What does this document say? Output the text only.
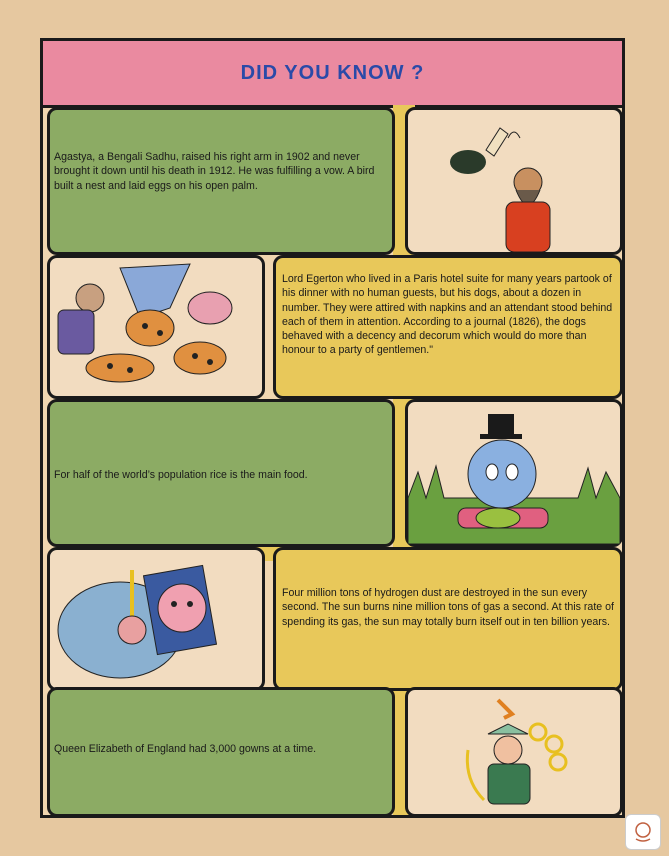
DID YOU KNOW ?
Agastya, a Bengali Sadhu, raised his right arm in 1902 and never brought it down until his death in 1912. He was fulfilling a vow. A bird built a nest and laid eggs on his open palm.
Lord Egerton who lived in a Paris hotel suite for many years partook of his dinner with no human guests, but his dogs, about a dozen in number. They were attired with napkins and an attendant stood behind each of them in attention. According to a journal (1826), the dogs behaved with a decency and decorum which would do more than honour to a party of gentlemen."
For half of the world’s population rice is the main food.
Four million tons of hydrogen dust are destroyed in the sun every second. The sun burns nine million tons of gas a second. At this rate of spending its gas, the sun may totally burn itself out in ten billion years.
Queen Elizabeth of England had 3,000 gowns at a time.
